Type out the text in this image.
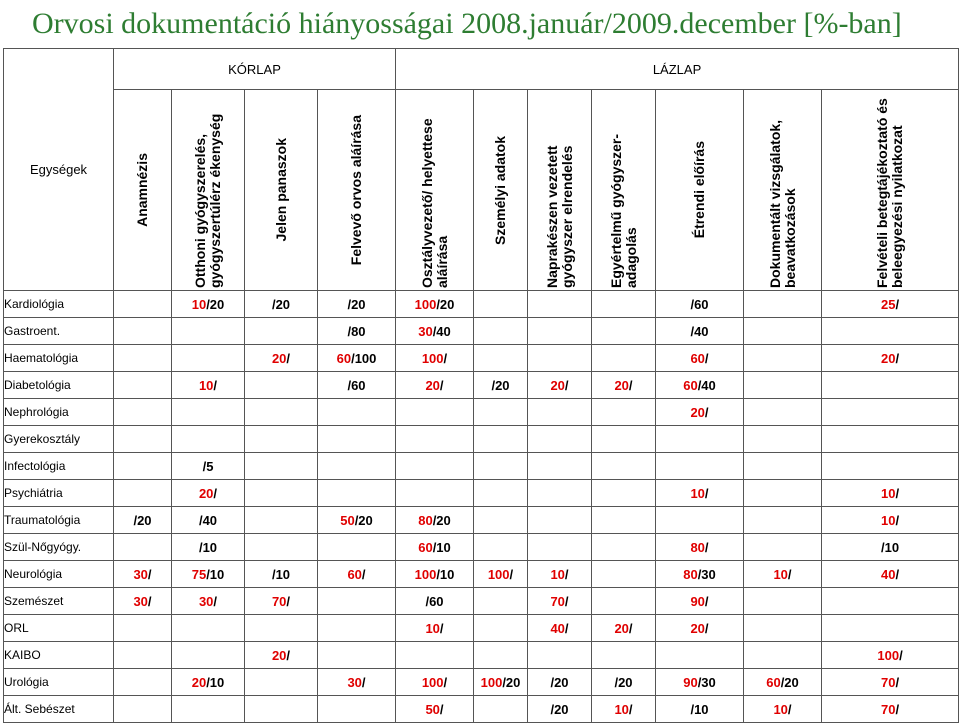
Orvosi dokumentáció hiányosságai 2008.január/2009.december [%-ban]
Egységek	KÓRLAP				LÁZLAP						

	Anamnézis	Otthoni gyógyszerelés, gyógyszertúlérz ékenység	Jelen panaszok	Felvevő orvos aláírása	Osztályvezető/ helyettese aláírása	Személyi adatok	Naprakészen vezetett gyógyszer elrendelés	Egyértelmű gyógyszer- adagolás	Étrendi előírás	Dokumentált vizsgálatok, beavatkozások	Felvételi betegtájékoztató és beleegyezési nyilatkozat

Kardiológia		10/20	/20	/20	100/20				/60		25/
Gastroent.				/80	30/40				/40		
Haematológia			20/	60/100	100/				60/		20/
Diabetológia		10/		/60	20/	/20	20/	20/	60/40		
Nephrológia									20/		
Gyerekosztály											
Infectológia		/5									
Psychiátria		20/							10/		10/
Traumatológia	/20	/40		50/20	80/20						10/
Szül-Nőgyógy.		/10			60/10				80/		/10
Neurológia	30/	75/10	/10	60/	100/10	100/	10/		80/30	10/	40/
Szemészet	30/	30/	70/		/60		70/		90/		
ORL					10/		40/	20/	20/		
KAIBO			20/								100/
Urológia		20/10		30/	100/	100/20	/20	/20	90/30	60/20	70/
Ált. Sebészet					50/		/20	10/	/10	10/	70/
